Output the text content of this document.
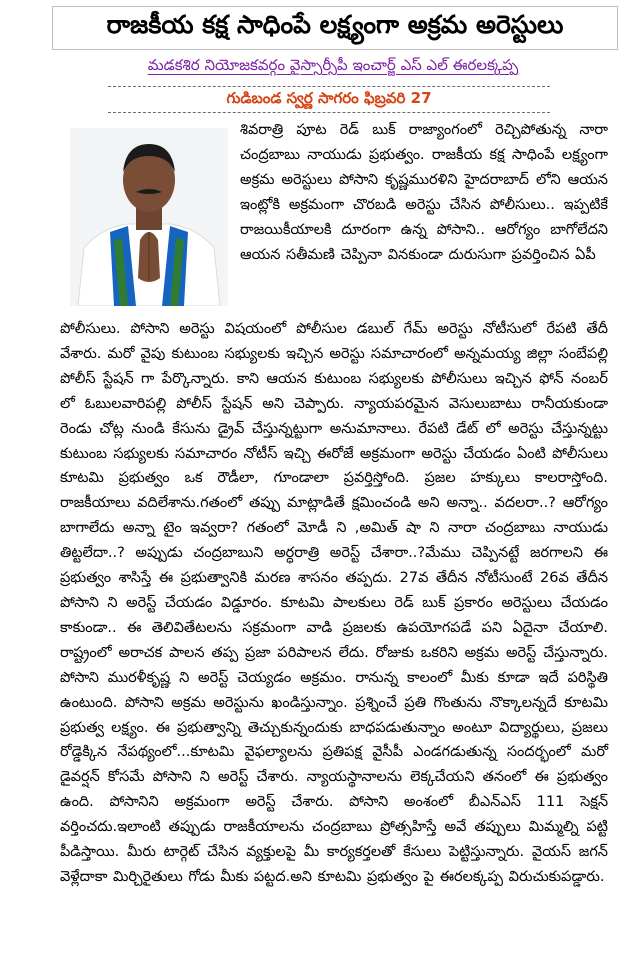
రాజకీయ కక్ష సాధింపే లక్ష్యంగా అక్రమ అరెస్టులు
మడకశిర నియోజకవర్గం వైస్సార్సీపీ ఇంచార్జ్ ఎస్ ఎల్ ఈరలక్కప్ప
గుడిబండ స్వర్ణ సాగరం ఫిబ్రవరి 27

శివరాత్రి పూట రెడ్ బుక్ రాజ్యాంగంలో రెచ్చిపోతున్న నారా చంద్రబాబు నాయుడు ప్రభుత్వం. రాజకీయ కక్ష సాధింపే లక్ష్యంగా అక్రమ అరెస్టులు పోసాని కృష్ణమురళిని హైదరాబాద్ లోని ఆయన ఇంట్లోకి అక్రమంగా చొరబడి అరెస్టు చేసిన పోలీసులు.. ఇప్పటికే రాజయికీయాలకి దూరంగా ఉన్న పోసాని.. ఆరోగ్యం బాగోలేదని ఆయన సతీమణి చెప్పినా వినకుండా దురుసుగా ప్రవర్తించిన ఏపీ

పోలీసులు. పోసాని అరెస్టు విషయంలో పోలీసుల డబుల్ గేమ్ అరెస్టు నోటీసులో రేపటి తేదీ వేశారు. మరో వైపు కుటుంబ సభ్యులకు ఇచ్చిన అరెస్టు సమాచారంలో అన్నమయ్య జిల్లా సంబేపల్లి పోలీస్ స్టేషన్ గా పేర్కొన్నారు. కాని ఆయన కుటుంబ సభ్యులకు పోలీసులు ఇచ్చిన ఫోన్ నంబర్ లో ఓబులవారిపల్లి పోలీస్ స్టేషన్ అని చెప్పారు. న్యాయపరమైన వెసులుబాటు రానీయకుండా రెండు చోట్ల నుండి కేసును డ్రైవ్ చేస్తున్నట్టుగా అనుమానాలు. రేపటి డేట్ లో అరెస్టు చేస్తున్నట్టు కుటుంబ సభ్యులకు సమాచారం నోటీస్ ఇచ్చి ఈరోజే అక్రమంగా అరెస్టు చేయడం ఏంటి పోలీసులు కూటమి ప్రభుత్వం ఒక రౌడీలా, గూండాలా ప్రవర్తిస్తోంది. ప్రజల హక్కులు కాలరాస్తోంది. రాజకీయాలు వదిలేశాను.గతంలో తప్పు మాట్లాడితే క్షమించండి అని అన్నా.. వదలరా..? ఆరోగ్యం బాగాలేదు అన్నా టైం ఇవ్వరా? గతంలో మోడీ ని ,అమిత్ షా ని నారా చంద్రబాబు నాయుడు తిట్టలేదా..? అప్పుడు చంద్రబాబుని అర్ధరాత్రి అరెస్ట్ చేశారా..?మేము చెప్పినట్టే జరగాలని ఈ ప్రభుత్వం శాసిస్తే ఈ ప్రభుత్వానికి మరణ శాసనం తప్పదు. 27వ తేదీన నోటీసుంటే 26వ తేదీన పోసాని ని అరెస్ట్ చేయడం విడ్డూరం. కూటమి పాలకులు రెడ్ బుక్ ప్రకారం అరెస్టులు చేయడం కాకుండా.. ఈ తెలివితేటలను సక్రమంగా వాడి ప్రజలకు ఉపయోగపడే పని ఏదైనా చేయాలి. రాష్ట్రంలో అరాచక పాలన తప్ప ప్రజా పరిపాలన లేదు. రోజుకు ఒకరిని అక్రమ అరెస్ట్ చేస్తున్నారు. పోసాని మురళీకృష్ణ ని అరెస్ట్ చెయ్యడం అక్రమం. రానున్న కాలంలో మీకు కూడా ఇదే పరిస్థితి ఉంటుంది. పోసాని అక్రమ అరెస్టును ఖండిస్తున్నాం. ప్రశ్నించే ప్రతి గొంతును నొక్కాలన్నదే కూటమి ప్రభుత్వ లక్ష్యం. ఈ ప్రభుత్వాన్ని తెచ్చుకున్నందుకు బాధపడుతున్నాం అంటూ విద్యార్థులు, ప్రజలు రోడ్డెక్కిన నేపథ్యంలో...కూటమి వైఫల్యాలను ప్రతిపక్ష వైసీపీ ఎండగడుతున్న సందర్భంలో మరో డైవర్షన్ కోసమే పోసాని ని అరెస్ట్ చేశారు. న్యాయస్థానాలను లెక్కచేయని తనంలో ఈ ప్రభుత్వం ఉంది. పోసానిని అక్రమంగా అరెస్ట్ చేశారు. పోసాని అంశంలో బీఎన్ఎస్ 111 సెక్షన్ వర్తించదు.ఇలాంటి తప్పుడు రాజకీయాలను చంద్రబాబు ప్రోత్సహిస్తే అవే తప్పులు మిమ్మల్ని పట్టి పీడిస్తాయి. మీరు టార్గెట్ చేసిన వ్యక్తులపై మీ కార్యకర్తలతో కేసులు పెట్టిస్తున్నారు. వైయస్ జగన్ వెళ్లేదాకా మిర్చిరైతులు గోడు మీకు పట్టద.అని కూటమి ప్రభుత్వం పై ఈరలక్కప్ప విరుచుకుపడ్డారు.
